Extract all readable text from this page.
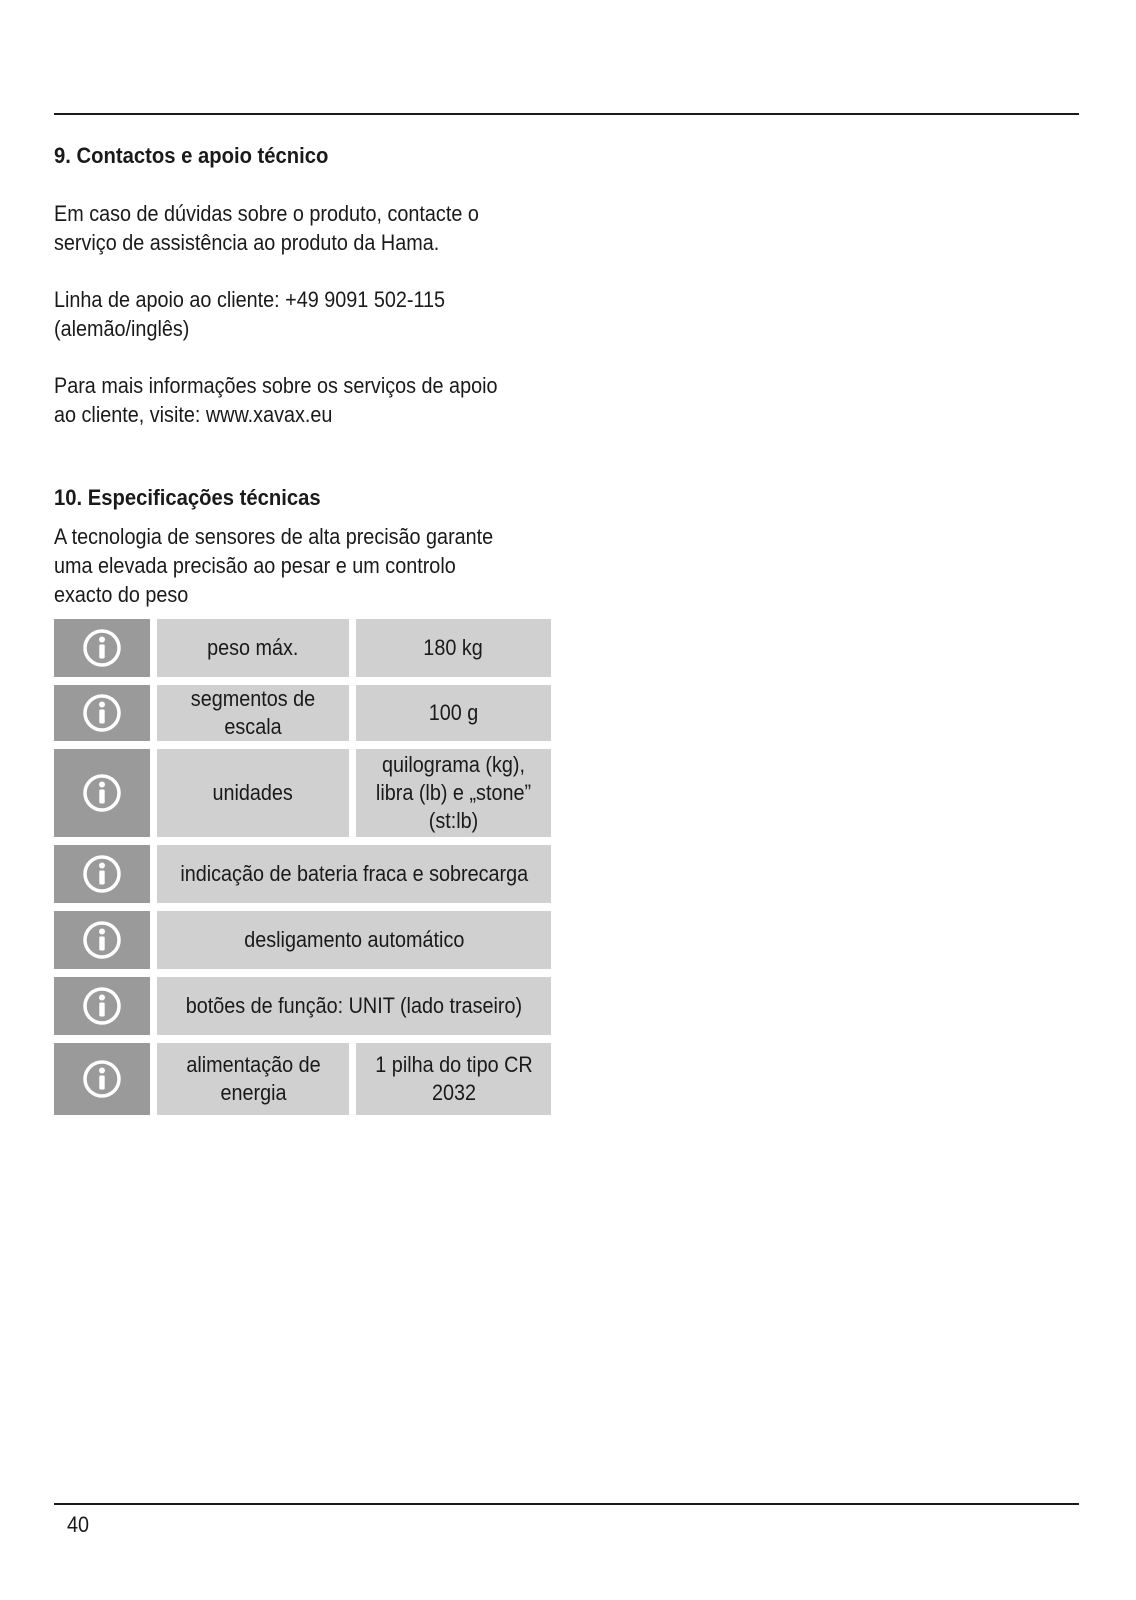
9. Contactos e apoio técnico

Em caso de dúvidas sobre o produto, contacte o serviço de assistência ao produto da Hama.

Linha de apoio ao cliente: +49 9091 502-115 (alemão/inglês)

Para mais informações sobre os serviços de apoio ao cliente, visite: www.xavax.eu

10. Especificações técnicas

A tecnologia de sensores de alta precisão garante uma elevada precisão ao pesar e um controlo exacto do peso

		peso máx.		180 kg

		segmentos de escala		100 g

		unidades		quilograma (kg), libra (lb) e „stone” (st:lb)

		indicação de bateria fraca e sobrecarga		

		desligamento automático		

		botões de função: UNIT (lado traseiro)		

		alimentação de energia		1 pilha do tipo CR 2032
40
